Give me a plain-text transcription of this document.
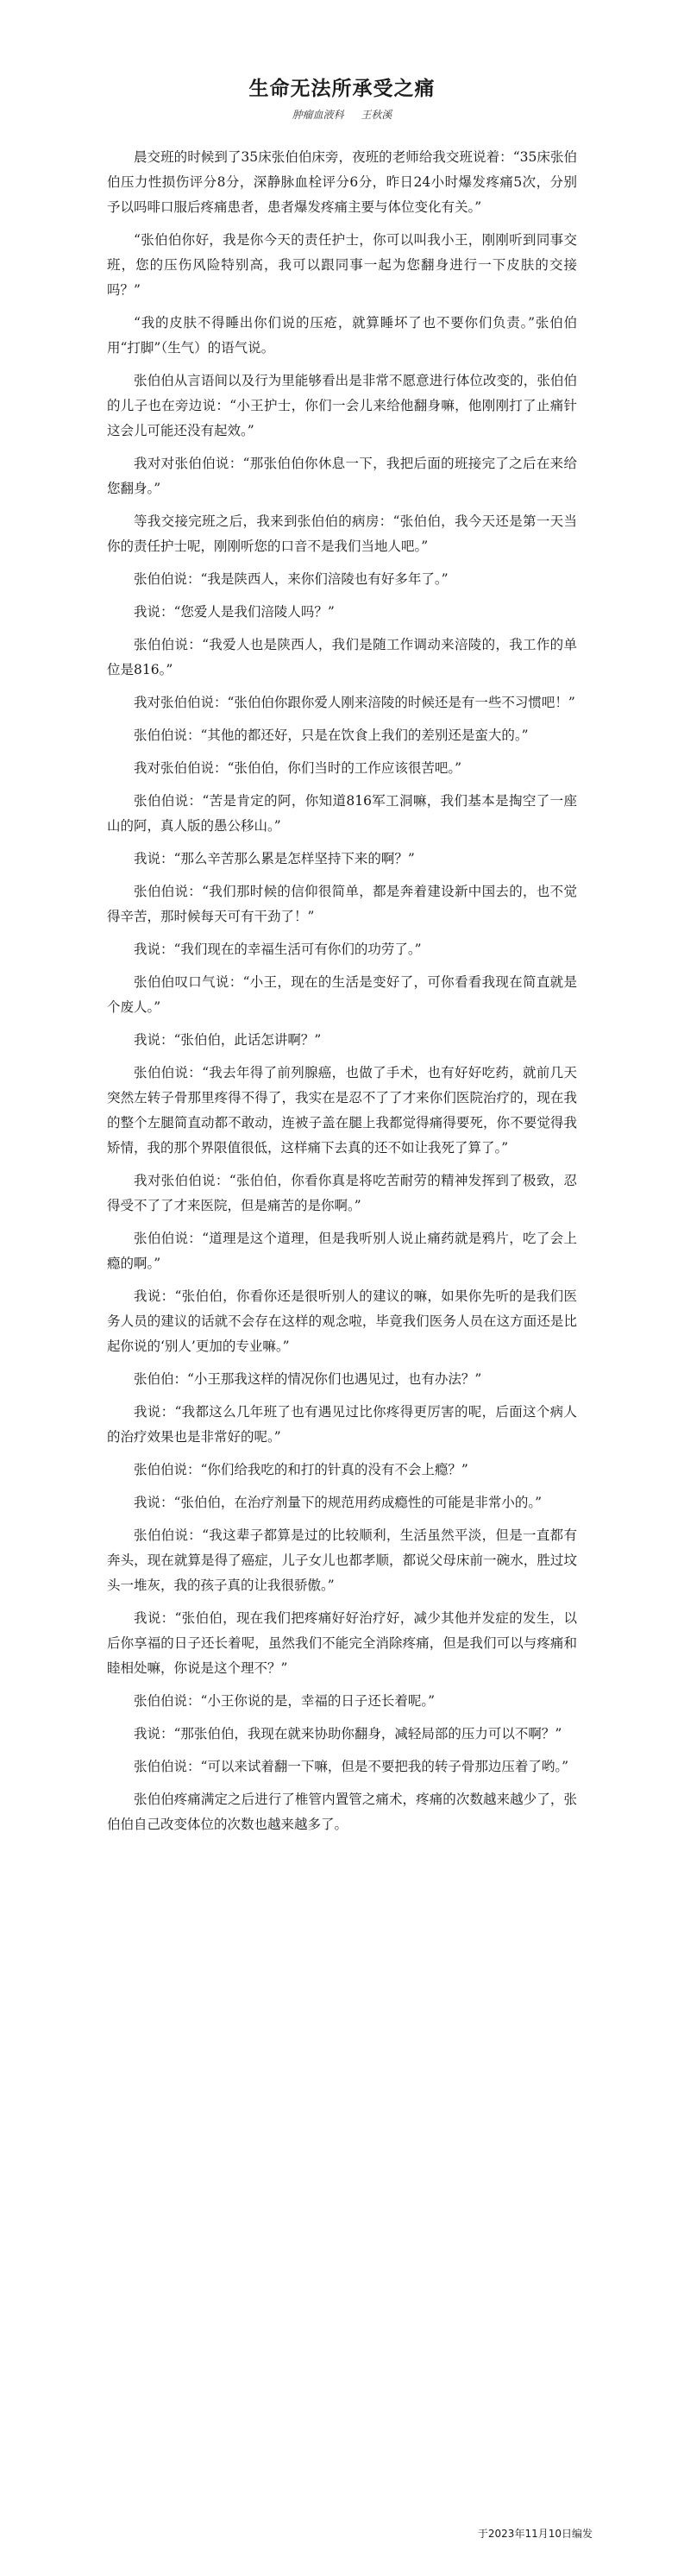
生命无法所承受之痛
肿瘤血液科 王秋溪

晨交班的时候到了35床张伯伯床旁，夜班的老师给我交班说着：“35床张伯伯压力性损伤评分8分，深静脉血栓评分6分，昨日24小时爆发疼痛5次，分别予以吗啡口服后疼痛患者，患者爆发疼痛主要与体位变化有关。”

“张伯伯你好，我是你今天的责任护士，你可以叫我小王，刚刚听到同事交班，您的压伤风险特别高，我可以跟同事一起为您翻身进行一下皮肤的交接吗？”

“我的皮肤不得睡出你们说的压疮，就算睡坏了也不要你们负责。”张伯伯用“打脚”（生气）的语气说。

张伯伯从言语间以及行为里能够看出是非常不愿意进行体位改变的，张伯伯的儿子也在旁边说：“小王护士，你们一会儿来给他翻身嘛，他刚刚打了止痛针这会儿可能还没有起效。”

我对对张伯伯说：“那张伯伯你休息一下，我把后面的班接完了之后在来给您翻身。”

等我交接完班之后，我来到张伯伯的病房：“张伯伯，我今天还是第一天当你的责任护士呢，刚刚听您的口音不是我们当地人吧。”

张伯伯说：“我是陕西人，来你们涪陵也有好多年了。”

我说：“您爱人是我们涪陵人吗？”

张伯伯说：“我爱人也是陕西人，我们是随工作调动来涪陵的，我工作的单位是816。”

我对张伯伯说：“张伯伯你跟你爱人刚来涪陵的时候还是有一些不习惯吧！”

张伯伯说：“其他的都还好，只是在饮食上我们的差别还是蛮大的。”

我对张伯伯说：“张伯伯，你们当时的工作应该很苦吧。”

张伯伯说：“苦是肯定的阿，你知道816军工洞嘛，我们基本是掏空了一座山的阿，真人版的愚公移山。”

我说：“那么辛苦那么累是怎样坚持下来的啊？”

张伯伯说：“我们那时候的信仰很简单，都是奔着建设新中国去的，也不觉得辛苦，那时候每天可有干劲了！”

我说：“我们现在的幸福生活可有你们的功劳了。”

张伯伯叹口气说：“小王，现在的生活是变好了，可你看看我现在简直就是个废人。”

我说：“张伯伯，此话怎讲啊？”

张伯伯说：“我去年得了前列腺癌，也做了手术，也有好好吃药，就前几天突然左转子骨那里疼得不得了，我实在是忍不了了才来你们医院治疗的，现在我的整个左腿简直动都不敢动，连被子盖在腿上我都觉得痛得要死，你不要觉得我矫情，我的那个界限值很低，这样痛下去真的还不如让我死了算了。”

我对张伯伯说：“张伯伯，你看你真是将吃苦耐劳的精神发挥到了极致，忍得受不了了才来医院，但是痛苦的是你啊。”

张伯伯说：“道理是这个道理，但是我听别人说止痛药就是鸦片，吃了会上瘾的啊。”

我说：“张伯伯，你看你还是很听别人的建议的嘛，如果你先听的是我们医务人员的建议的话就不会存在这样的观念啦，毕竟我们医务人员在这方面还是比起你说的‘别人’更加的专业嘛。”

张伯伯：“小王那我这样的情况你们也遇见过，也有办法？”

我说：“我都这么几年班了也有遇见过比你疼得更厉害的呢，后面这个病人的治疗效果也是非常好的呢。”

张伯伯说：“你们给我吃的和打的针真的没有不会上瘾？”

我说：“张伯伯，在治疗剂量下的规范用药成瘾性的可能是非常小的。”

张伯伯说：“我这辈子都算是过的比较顺利，生活虽然平淡，但是一直都有奔头，现在就算是得了癌症，儿子女儿也都孝顺，都说父母床前一碗水，胜过坟头一堆灰，我的孩子真的让我很骄傲。”

我说：“张伯伯，现在我们把疼痛好好治疗好，减少其他并发症的发生，以后你享福的日子还长着呢，虽然我们不能完全消除疼痛，但是我们可以与疼痛和睦相处嘛，你说是这个理不？”

张伯伯说：“小王你说的是，幸福的日子还长着呢。”

我说：“那张伯伯，我现在就来协助你翻身，减轻局部的压力可以不啊？”

张伯伯说：“可以来试着翻一下嘛，但是不要把我的转子骨那边压着了哟。”

张伯伯疼痛满定之后进行了椎管内置管之痛术，疼痛的次数越来越少了，张伯伯自己改变体位的次数也越来越多了。

于2023年11月10日编发
